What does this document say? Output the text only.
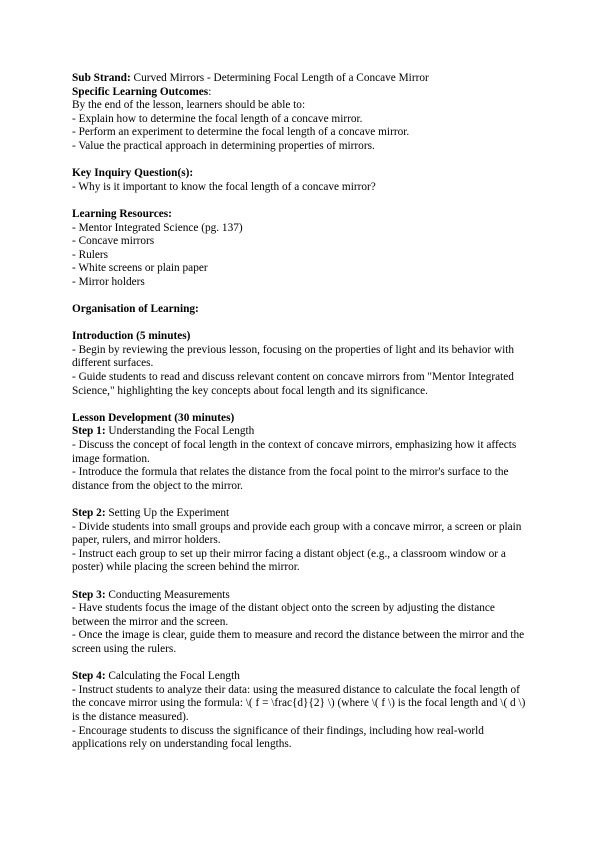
Sub Strand: Curved Mirrors - Determining Focal Length of a Concave Mirror
Specific Learning Outcomes:
By the end of the lesson, learners should be able to:
- Explain how to determine the focal length of a concave mirror.
- Perform an experiment to determine the focal length of a concave mirror.
- Value the practical approach in determining properties of mirrors.
Key Inquiry Question(s):
- Why is it important to know the focal length of a concave mirror?
Learning Resources:
- Mentor Integrated Science (pg. 137)
- Concave mirrors
- Rulers
- White screens or plain paper
- Mirror holders
Organisation of Learning:
Introduction (5 minutes)
- Begin by reviewing the previous lesson, focusing on the properties of light and its behavior with different surfaces.
- Guide students to read and discuss relevant content on concave mirrors from "Mentor Integrated Science," highlighting the key concepts about focal length and its significance.
Lesson Development (30 minutes)
Step 1: Understanding the Focal Length
- Discuss the concept of focal length in the context of concave mirrors, emphasizing how it affects image formation.
- Introduce the formula that relates the distance from the focal point to the mirror's surface to the distance from the object to the mirror.
Step 2: Setting Up the Experiment
- Divide students into small groups and provide each group with a concave mirror, a screen or plain paper, rulers, and mirror holders.
- Instruct each group to set up their mirror facing a distant object (e.g., a classroom window or a poster) while placing the screen behind the mirror.
Step 3: Conducting Measurements
- Have students focus the image of the distant object onto the screen by adjusting the distance between the mirror and the screen.
- Once the image is clear, guide them to measure and record the distance between the mirror and the screen using the rulers.
Step 4: Calculating the Focal Length
- Instruct students to analyze their data: using the measured distance to calculate the focal length of the concave mirror using the formula: \( f = \frac{d}{2} \) (where \( f \) is the focal length and \( d \) is the distance measured).
- Encourage students to discuss the significance of their findings, including how real-world applications rely on understanding focal lengths.
